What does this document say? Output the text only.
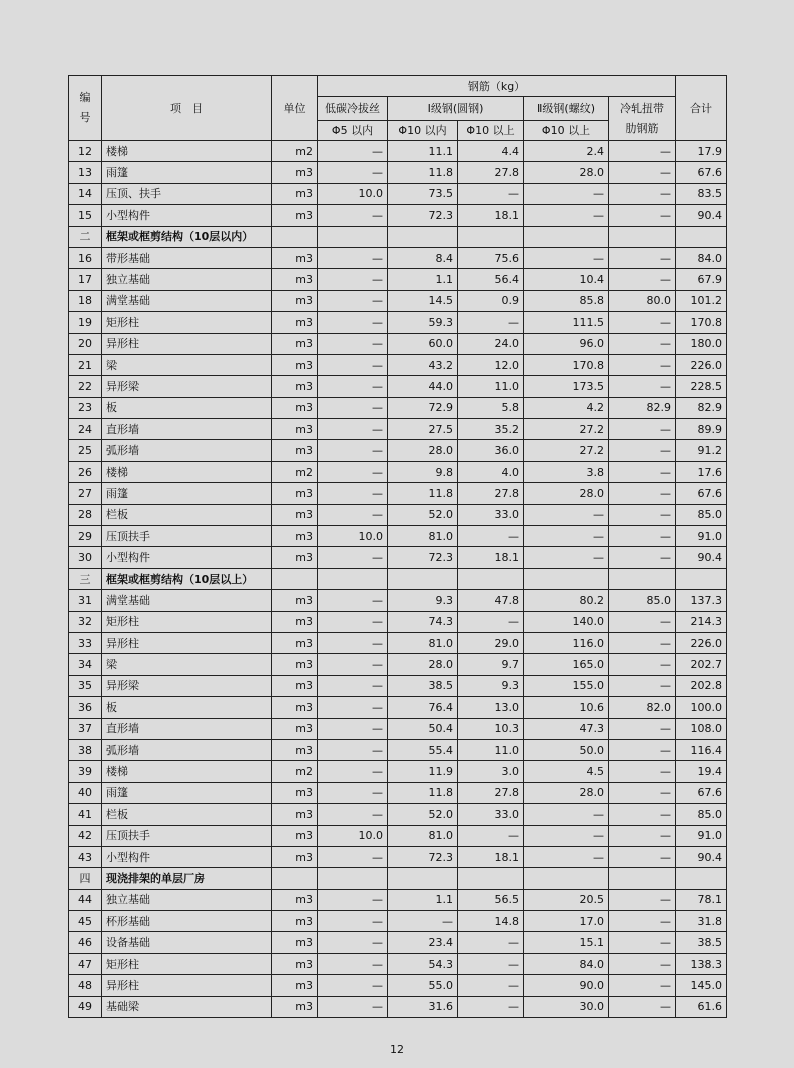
编
号	项　目	单位	钢筋（kg）					合计
			低碳冷拔丝	Ⅰ级钢(圆钢)		Ⅱ级钢(螺纹)	冷轧扭带肋钢筋	
			Φ5 以内	Φ10 以内	Φ10 以上	Φ10 以上		
12	楼梯	m2	—	11.1	4.4	2.4	—	17.9
13	雨篷	m3	—	11.8	27.8	28.0	—	67.6
14	压顶、扶手	m3	10.0	73.5	—	—	—	83.5
15	小型构件	m3	—	72.3	18.1	—	—	90.4
二	框架或框剪结构（10层以内）							
16	带形基础	m3	—	8.4	75.6	—	—	84.0
17	独立基础	m3	—	1.1	56.4	10.4	—	67.9
18	满堂基础	m3	—	14.5	0.9	85.8	80.0	101.2
19	矩形柱	m3	—	59.3	—	111.5	—	170.8
20	异形柱	m3	—	60.0	24.0	96.0	—	180.0
21	梁	m3	—	43.2	12.0	170.8	—	226.0
22	异形梁	m3	—	44.0	11.0	173.5	—	228.5
23	板	m3	—	72.9	5.8	4.2	82.9	82.9
24	直形墙	m3	—	27.5	35.2	27.2	—	89.9
25	弧形墙	m3	—	28.0	36.0	27.2	—	91.2
26	楼梯	m2	—	9.8	4.0	3.8	—	17.6
27	雨篷	m3	—	11.8	27.8	28.0	—	67.6
28	栏板	m3	—	52.0	33.0	—	—	85.0
29	压顶扶手	m3	10.0	81.0	—	—	—	91.0
30	小型构件	m3	—	72.3	18.1	—	—	90.4
三	框架或框剪结构（10层以上）							
31	满堂基础	m3	—	9.3	47.8	80.2	85.0	137.3
32	矩形柱	m3	—	74.3	—	140.0	—	214.3
33	异形柱	m3	—	81.0	29.0	116.0	—	226.0
34	梁	m3	—	28.0	9.7	165.0	—	202.7
35	异形梁	m3	—	38.5	9.3	155.0	—	202.8
36	板	m3	—	76.4	13.0	10.6	82.0	100.0
37	直形墙	m3	—	50.4	10.3	47.3	—	108.0
38	弧形墙	m3	—	55.4	11.0	50.0	—	116.4
39	楼梯	m2	—	11.9	3.0	4.5	—	19.4
40	雨篷	m3	—	11.8	27.8	28.0	—	67.6
41	栏板	m3	—	52.0	33.0	—	—	85.0
42	压顶扶手	m3	10.0	81.0	—	—	—	91.0
43	小型构件	m3	—	72.3	18.1	—	—	90.4
四	现浇排架的单层厂房							
44	独立基础	m3	—	1.1	56.5	20.5	—	78.1
45	杯形基础	m3	—	—	14.8	17.0	—	31.8
46	设备基础	m3	—	23.4	—	15.1	—	38.5
47	矩形柱	m3	—	54.3	—	84.0	—	138.3
48	异形柱	m3	—	55.0	—	90.0	—	145.0
49	基础梁	m3	—	31.6	—	30.0	—	61.6
12
